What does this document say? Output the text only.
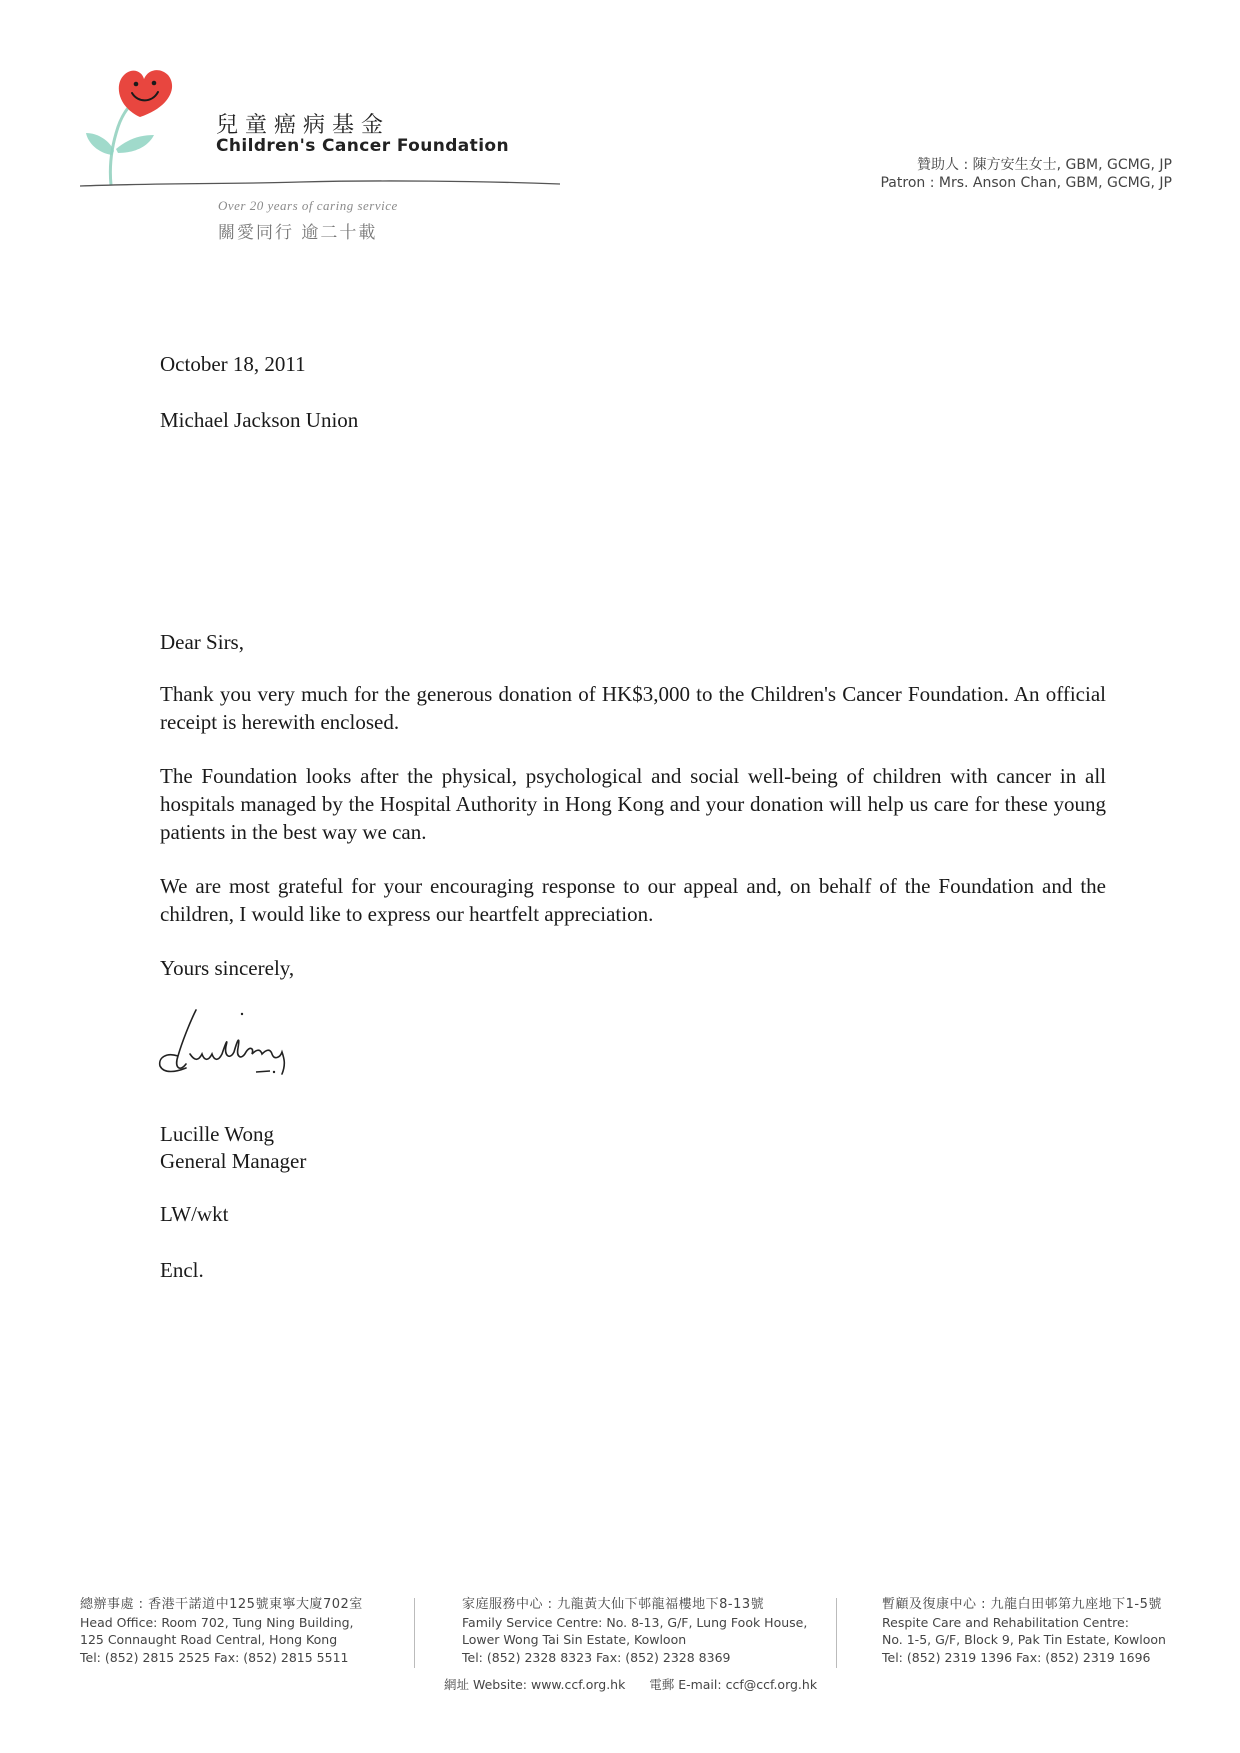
兒童癌病基金
Children's Cancer Foundation
Over 20 years of caring service
關愛同行 逾二十載
贊助人 : 陳方安生女士, GBM, GCMG, JP
Patron : Mrs. Anson Chan, GBM, GCMG, JP
October 18, 2011
Michael Jackson Union
Dear Sirs,
Thank you very much for the generous donation of HK$3,000 to the Children's Cancer Foundation. An official receipt is herewith enclosed.
The Foundation looks after the physical, psychological and social well-being of children with cancer in all hospitals managed by the Hospital Authority in Hong Kong and your donation will help us care for these young patients in the best way we can.
We are most grateful for your encouraging response to our appeal and, on behalf of the Foundation and the children, I would like to express our heartfelt appreciation.
Yours sincerely,
Lucille Wong
General Manager
LW/wkt
Encl.
總辦事處 : 香港干諾道中125號東寧大廈702室
Head Office: Room 702, Tung Ning Building,
125 Connaught Road Central, Hong Kong
Tel: (852) 2815 2525 Fax: (852) 2815 5511
家庭服務中心 : 九龍黃大仙下邨龍福樓地下8-13號
Family Service Centre: No. 8-13, G/F, Lung Fook House,
Lower Wong Tai Sin Estate, Kowloon
Tel: (852) 2328 8323 Fax: (852) 2328 8369
暫顧及復康中心 : 九龍白田邨第九座地下1-5號
Respite Care and Rehabilitation Centre:
No. 1-5, G/F, Block 9, Pak Tin Estate, Kowloon
Tel: (852) 2319 1396 Fax: (852) 2319 1696
網址 Website: www.ccf.org.hk 電郵 E-mail: ccf@ccf.org.hk
